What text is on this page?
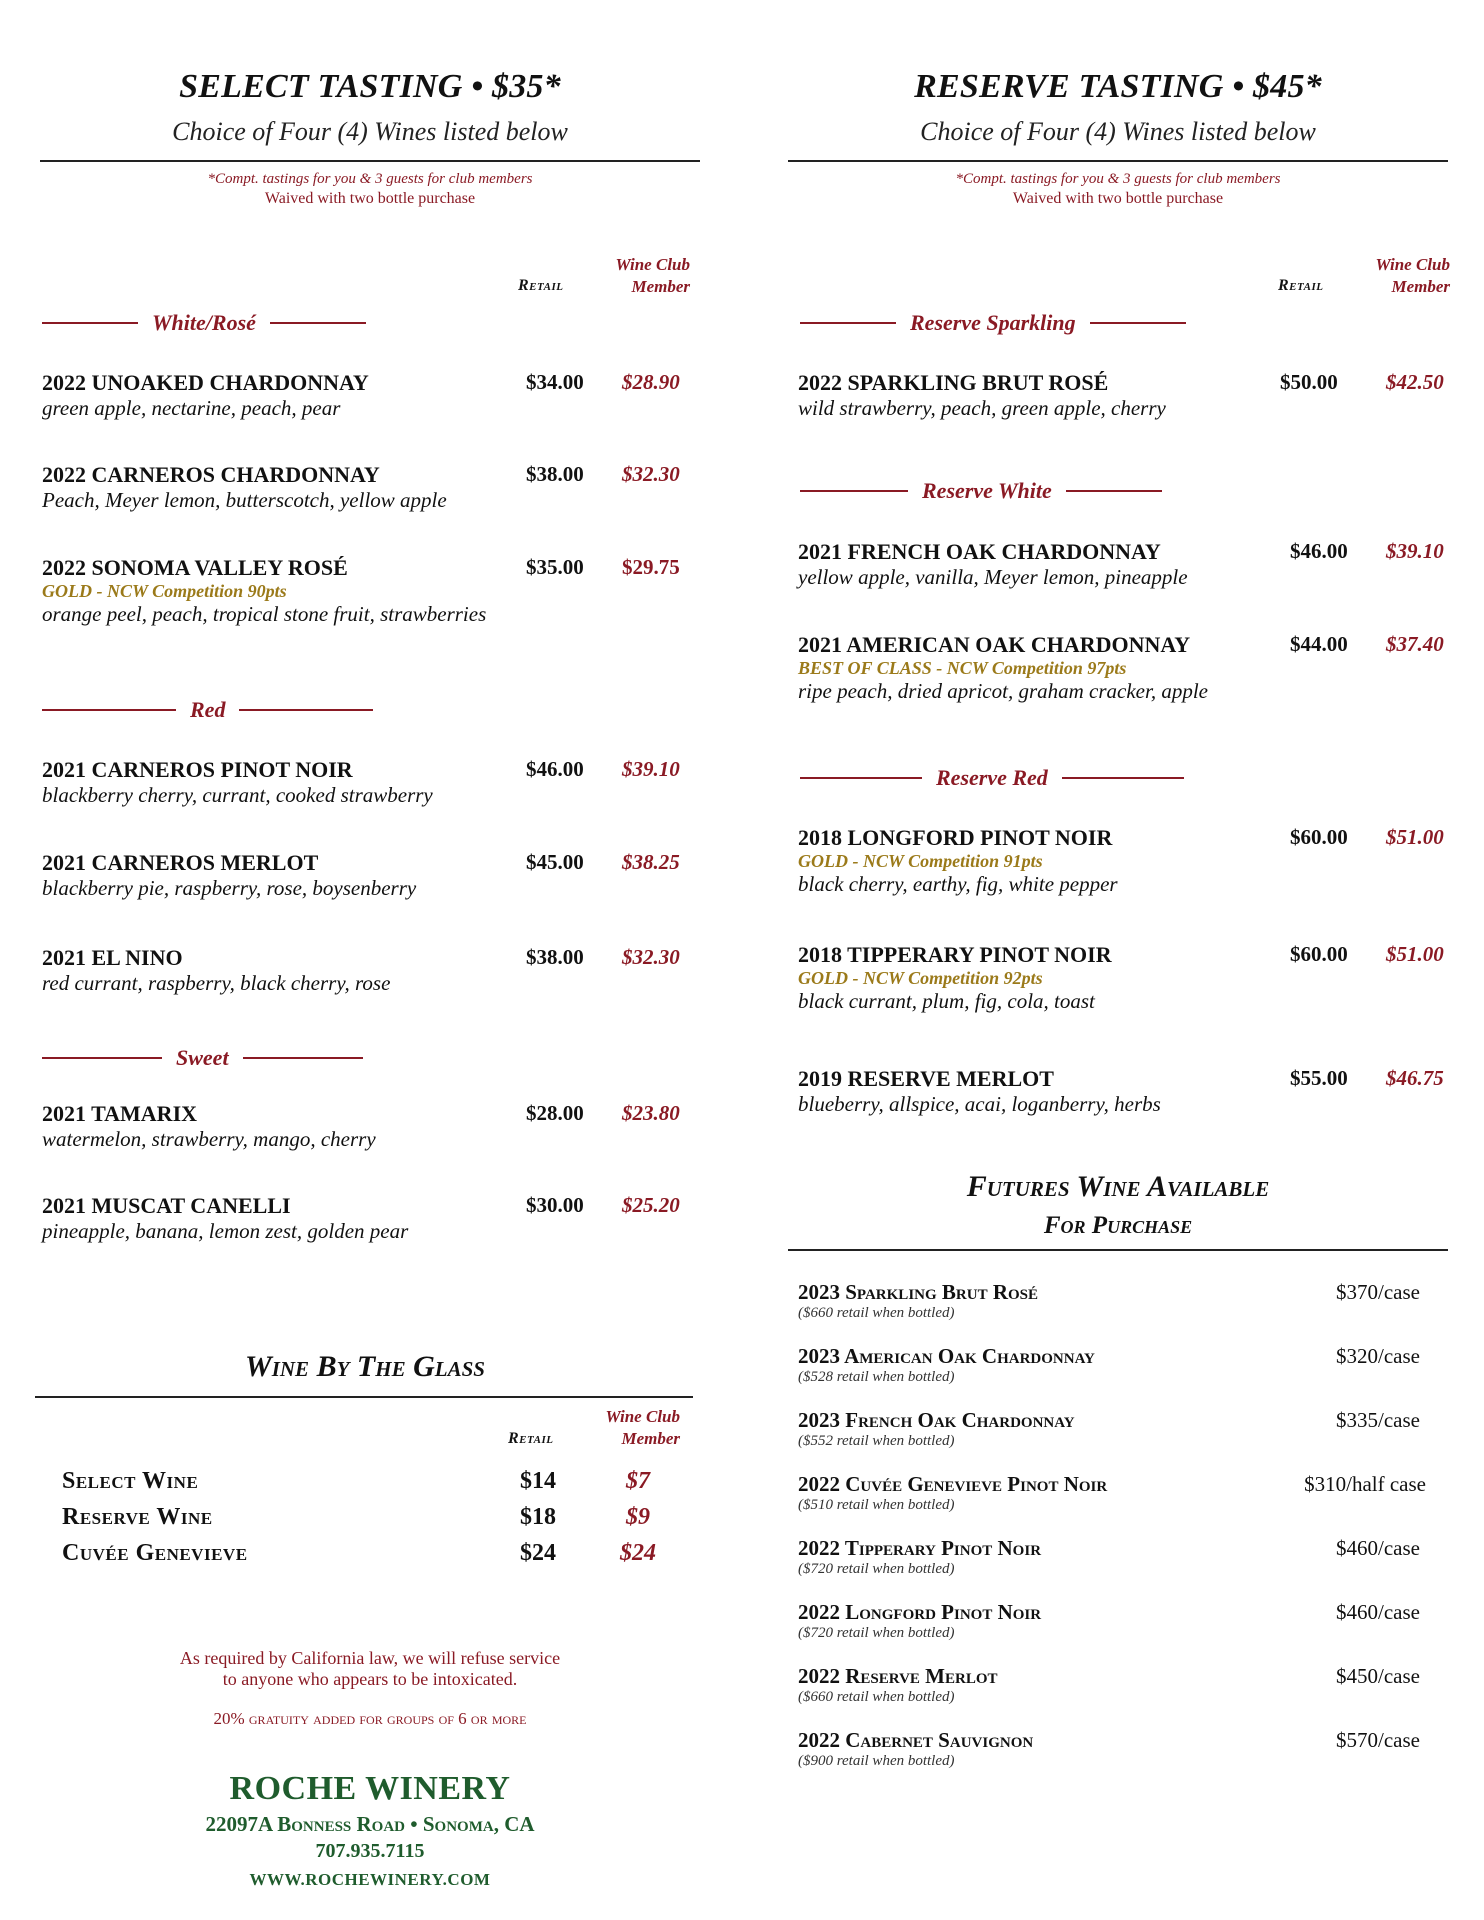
SELECT TASTING • $35*
Choice of Four (4) Wines listed below
*Compt. tastings for you & 3 guests for club members
Waived with two bottle purchase
Wine Club
Member
Retail
White/Rosé
2022 UNOAKED CHARDONNAY
green apple, nectarine, peach, pear
$34.00 $28.90
2022 CARNEROS CHARDONNAY
Peach, Meyer lemon, butterscotch, yellow apple
$38.00 $32.30
2022 SONOMA VALLEY ROSÉ
GOLD - NCW Competition 90pts
orange peel, peach, tropical stone fruit, strawberries
$35.00 $29.75
Red
2021 CARNEROS PINOT NOIR
blackberry cherry, currant, cooked strawberry
$46.00 $39.10
2021 CARNEROS MERLOT
blackberry pie, raspberry, rose, boysenberry
$45.00 $38.25
2021 EL NINO
red currant, raspberry, black cherry, rose
$38.00 $32.30
Sweet
2021 TAMARIX
watermelon, strawberry, mango, cherry
$28.00 $23.80
2021 MUSCAT CANELLI
pineapple, banana, lemon zest, golden pear
$30.00 $25.20
Wine By The Glass
Wine Club
Member
Retail
Select Wine	$14	$7
Reserve Wine	$18	$9
Cuvée Genevieve	$24	$24
As required by California law, we will refuse service
to anyone who appears to be intoxicated.
20% gratuity added for groups of 6 or more
ROCHE WINERY
22097A Bonness Road • Sonoma, CA
707.935.7115
WWW.ROCHEWINERY.COM
RESERVE TASTING • $45*
Choice of Four (4) Wines listed below
*Compt. tastings for you & 3 guests for club members
Waived with two bottle purchase
Wine Club
Member
Retail
Reserve Sparkling
2022 SPARKLING BRUT ROSÉ
wild strawberry, peach, green apple, cherry
$50.00 $42.50
Reserve White
2021 FRENCH OAK CHARDONNAY
yellow apple, vanilla, Meyer lemon, pineapple
$46.00 $39.10
2021 AMERICAN OAK CHARDONNAY
BEST OF CLASS - NCW Competition 97pts
ripe peach, dried apricot, graham cracker, apple
$44.00 $37.40
Reserve Red
2018 LONGFORD PINOT NOIR
GOLD - NCW Competition 91pts
black cherry, earthy, fig, white pepper
$60.00 $51.00
2018 TIPPERARY PINOT NOIR
GOLD - NCW Competition 92pts
black currant, plum, fig, cola, toast
$60.00 $51.00
2019 RESERVE MERLOT
blueberry, allspice, acai, loganberry, herbs
$55.00 $46.75
Futures Wine Available
For Purchase
2023 Sparkling Brut Rosé
($660 retail when bottled)
$370/case
2023 American Oak Chardonnay
($528 retail when bottled)
$320/case
2023 French Oak Chardonnay
($552 retail when bottled)
$335/case
2022 Cuvée Genevieve Pinot Noir
($510 retail when bottled)
$310/half case
2022 Tipperary Pinot Noir
($720 retail when bottled)
$460/case
2022 Longford Pinot Noir
($720 retail when bottled)
$460/case
2022 Reserve Merlot
($660 retail when bottled)
$450/case
2022 Cabernet Sauvignon
($900 retail when bottled)
$570/case
